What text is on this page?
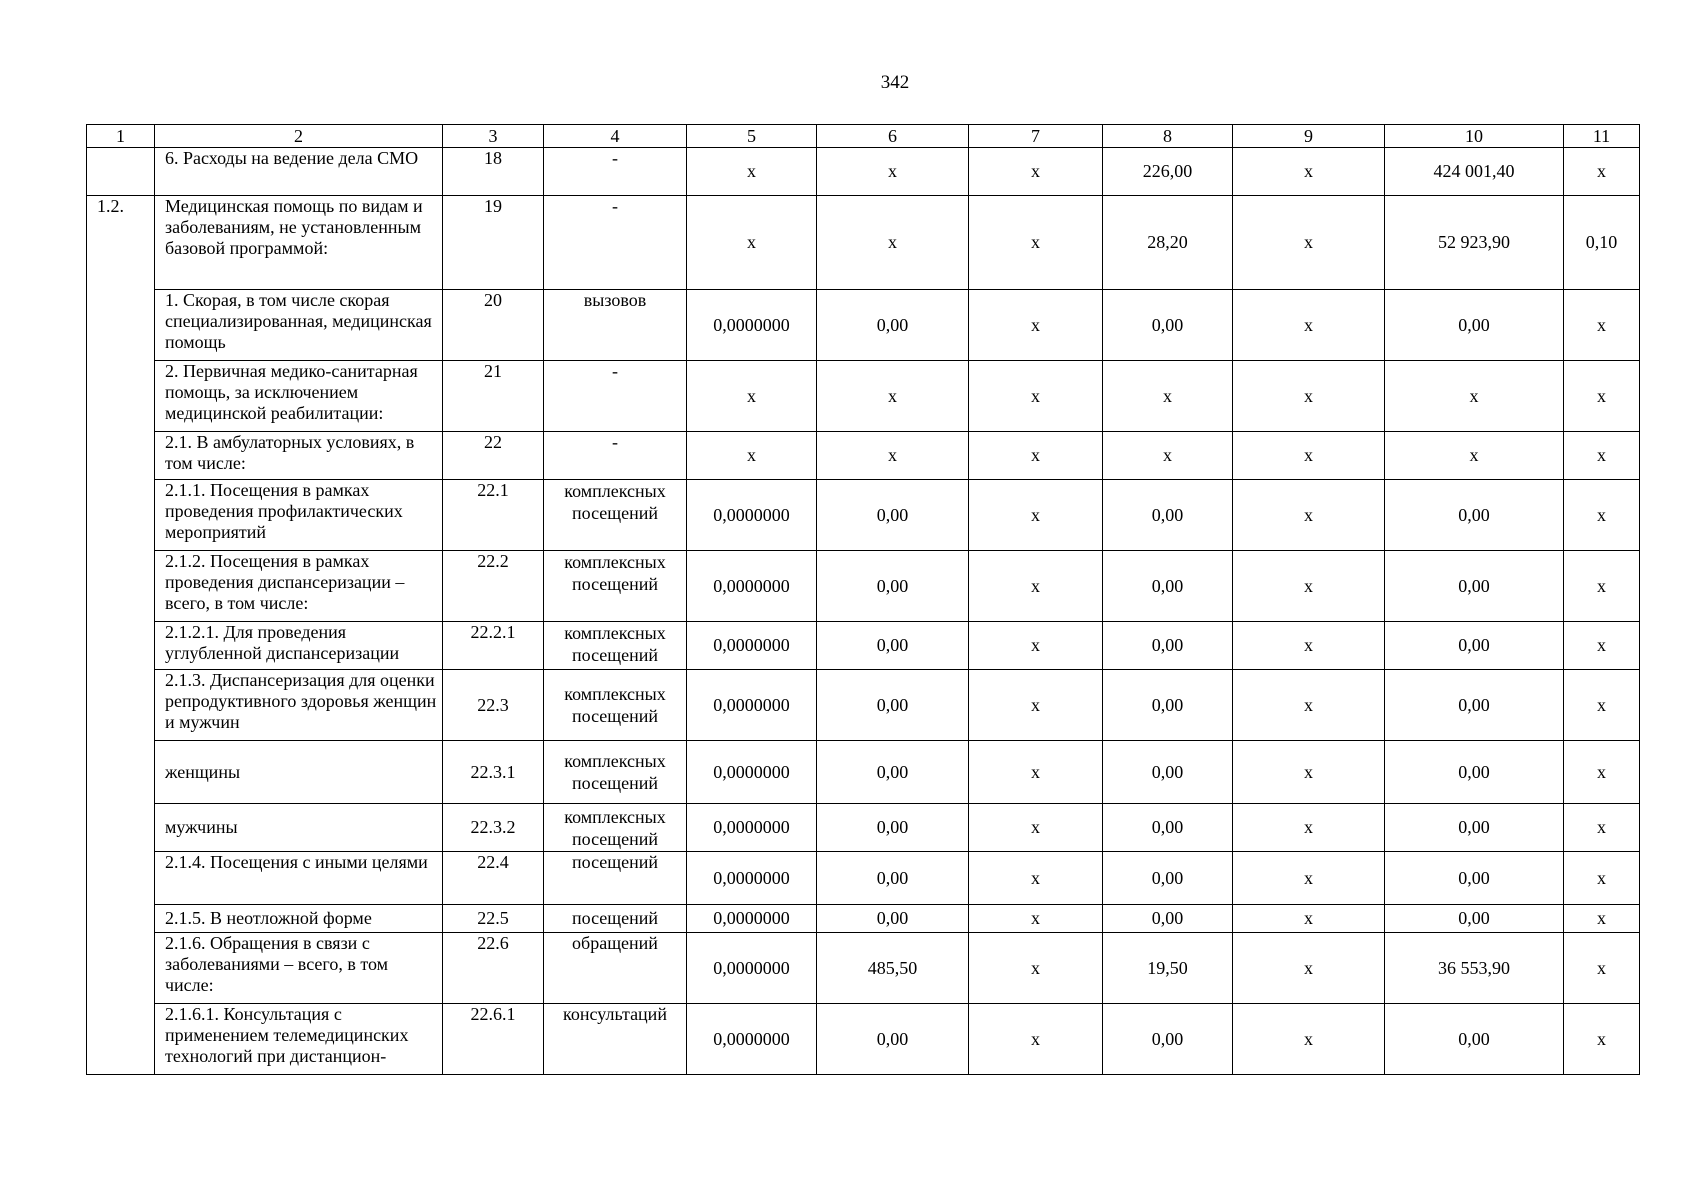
342
1	2	3	4	5	6	7	8	9	10	11
	6. Расходы на ведение дела СМО	18	-	x	x	x	226,00	x	424 001,40	x
1.2.	Медицинская помощь по видам и заболеваниям, не установленным базовой программой:	19	-	x	x	x	28,20	x	52 923,90	0,10
	1. Скорая, в том числе скорая специализированная, медицинская помощь	20	вызовов	0,0000000	0,00	x	0,00	x	0,00	x
	2. Первичная медико-санитарная помощь, за исключением медицинской реабилитации:	21	-	x	x	x	x	x	x	x
	2.1. В амбулаторных условиях, в том числе:	22	-	x	x	x	x	x	x	x
	2.1.1. Посещения в рамках проведения профилактических мероприятий	22.1	комплексных посещений	0,0000000	0,00	x	0,00	x	0,00	x
	2.1.2. Посещения в рамках проведения диспансеризации – всего, в том числе:	22.2	комплексных посещений	0,0000000	0,00	x	0,00	x	0,00	x
	2.1.2.1. Для проведения углубленной диспансеризации	22.2.1	комплексных посещений	0,0000000	0,00	x	0,00	x	0,00	x
	2.1.3. Диспансеризация для оценки репродуктивного здоровья женщин и мужчин	22.3	комплексных посещений	0,0000000	0,00	x	0,00	x	0,00	x
	женщины	22.3.1	комплексных посещений	0,0000000	0,00	x	0,00	x	0,00	x
	мужчины	22.3.2	комплексных посещений	0,0000000	0,00	x	0,00	x	0,00	x
	2.1.4. Посещения с иными целями	22.4	посещений	0,0000000	0,00	x	0,00	x	0,00	x
	2.1.5. В неотложной форме	22.5	посещений	0,0000000	0,00	x	0,00	x	0,00	x
	2.1.6. Обращения в связи с заболеваниями – всего, в том числе:	22.6	обращений	0,0000000	485,50	x	19,50	x	36 553,90	x
	2.1.6.1. Консультация с применением телемедицинских технологий при дистанцион-	22.6.1	консультаций	0,0000000	0,00	x	0,00	x	0,00	x
